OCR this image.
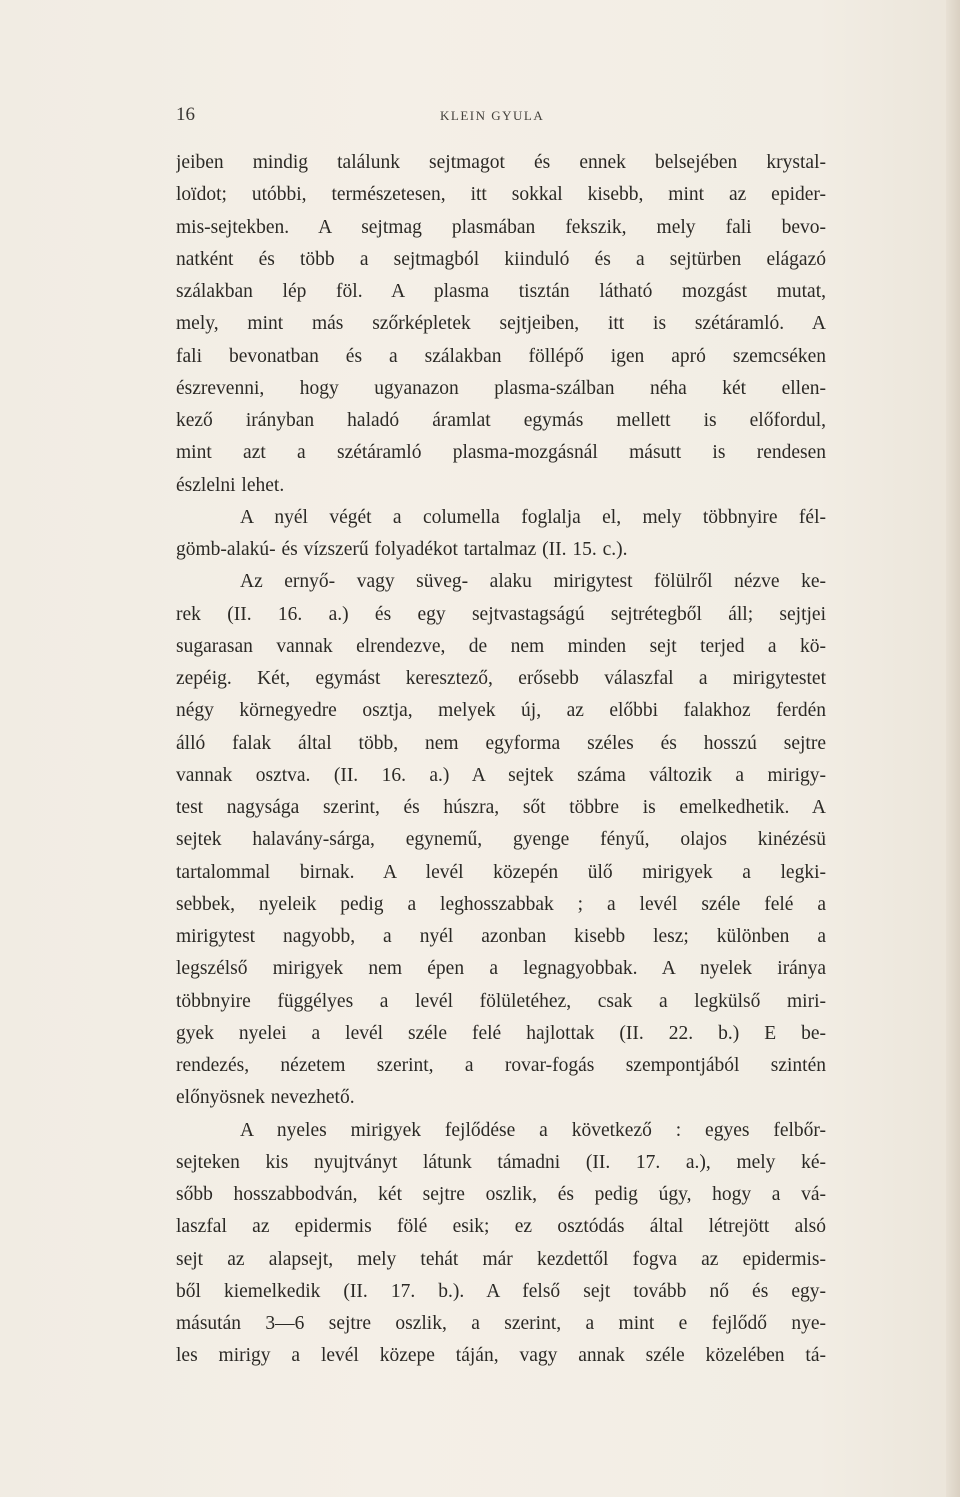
16	KLEIN GYULA
jeiben mindig találunk sejtmagot és ennek belsejében krystal-
loïdot; utóbbi, természetesen, itt sokkal kisebb, mint az epider-
mis-sejtekben. A sejtmag plasmában fekszik, mely fali bevo-
natként és több a sejtmagból kiinduló és a sejtürben elágazó
szálakban lép föl. A plasma tisztán látható mozgást mutat,
mely, mint más szőrképletek sejtjeiben, itt is szétáramló. A
fali bevonatban és a szálakban föllépő igen apró szemcséken
észrevenni, hogy ugyanazon plasma-szálban néha két ellen-
kező irányban haladó áramlat egymás mellett is előfordul,
mint azt a szétáramló plasma-mozgásnál másutt is rendesen
észlelni lehet.
A nyél végét a columella foglalja el, mely többnyire fél-
gömb-alakú- és vízszerű folyadékot tartalmaz (II. 15. c.).
Az ernyő- vagy süveg- alaku mirigytest fölülről nézve ke-
rek (II. 16. a.) és egy sejtvastagságú sejtrétegből áll; sejtjei
sugarasan vannak elrendezve, de nem minden sejt terjed a kö-
zepéig. Két, egymást keresztező, erősebb válaszfal a mirigytestet
négy körnegyedre osztja, melyek új, az előbbi falakhoz ferdén
álló falak által több, nem egyforma széles és hosszú sejtre
vannak osztva. (II. 16. a.) A sejtek száma változik a mirigy-
test nagysága szerint, és húszra, sőt többre is emelkedhetik. A
sejtek halavány-sárga, egynemű, gyenge fényű, olajos kinézésü
tartalommal birnak. A levél közepén ülő mirigyek a legki-
sebbek, nyeleik pedig a leghosszabbak ; a levél széle felé a
mirigytest nagyobb, a nyél azonban kisebb lesz; különben a
legszélső mirigyek nem épen a legnagyobbak. A nyelek iránya
többnyire függélyes a levél fölületéhez, csak a legkülső miri-
gyek nyelei a levél széle felé hajlottak (II. 22. b.) E be-
rendezés, nézetem szerint, a rovar-fogás szempontjából szintén
előnyösnek nevezhető.
A nyeles mirigyek fejlődése a következő : egyes felbőr-
sejteken kis nyujtványt látunk támadni (II. 17. a.), mely ké-
sőbb hosszabbodván, két sejtre oszlik, és pedig úgy, hogy a vá-
laszfal az epidermis fölé esik; ez osztódás által létrejött alsó
sejt az alapsejt, mely tehát már kezdettől fogva az epidermis-
ből kiemelkedik (II. 17. b.). A felső sejt tovább nő és egy-
másután 3—6 sejtre oszlik, a szerint, a mint e fejlődő nye-
les mirigy a levél közepe táján, vagy annak széle közelében tá-
